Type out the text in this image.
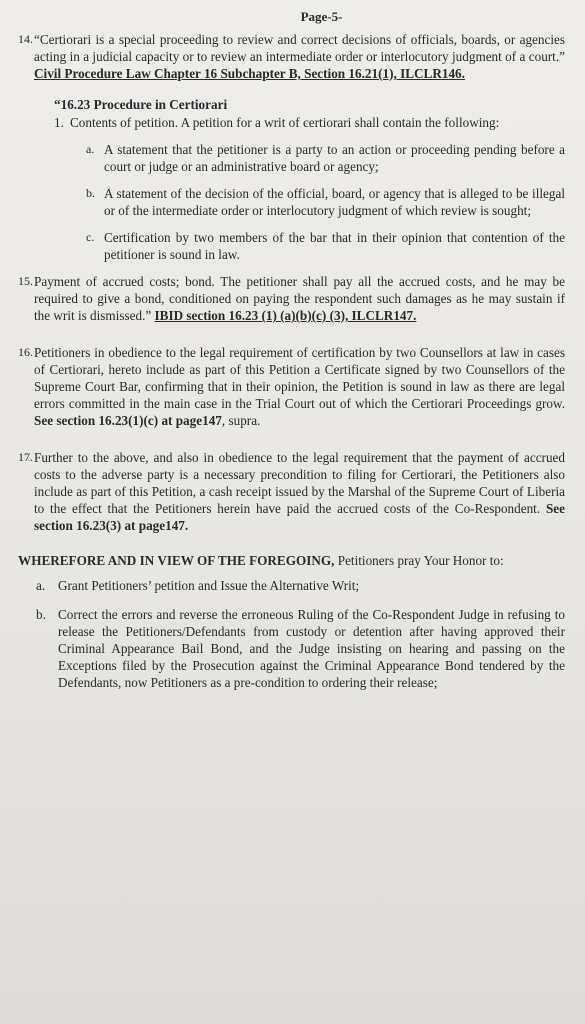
Page-5-
14. “Certiorari is a special proceeding to review and correct decisions of officials, boards, or agencies acting in a judicial capacity or to review an intermediate order or interlocutory judgment of a court.” Civil Procedure Law Chapter 16 Subchapter B, Section 16.21(1), ILCLR146.
“16.23 Procedure in Certiorari
1. Contents of petition. A petition for a writ of certiorari shall contain the following:
a. A statement that the petitioner is a party to an action or proceeding pending before a court or judge or an administrative board or agency;
b. A statement of the decision of the official, board, or agency that is alleged to be illegal or of the intermediate order or interlocutory judgment of which review is sought;
c. Certification by two members of the bar that in their opinion that contention of the petitioner is sound in law.
15. Payment of accrued costs; bond. The petitioner shall pay all the accrued costs, and he may be required to give a bond, conditioned on paying the respondent such damages as he may sustain if the writ is dismissed.” IBID section 16.23 (1) (a)(b)(c) (3), ILCLR147.
16. Petitioners in obedience to the legal requirement of certification by two Counsellors at law in cases of Certiorari, hereto include as part of this Petition a Certificate signed by two Counsellors of the Supreme Court Bar, confirming that in their opinion, the Petition is sound in law as there are legal errors committed in the main case in the Trial Court out of which the Certiorari Proceedings grow. See section 16.23(1)(c) at page147, supra.
17. Further to the above, and also in obedience to the legal requirement that the payment of accrued costs to the adverse party is a necessary precondition to filing for Certiorari, the Petitioners also include as part of this Petition, a cash receipt issued by the Marshal of the Supreme Court of Liberia to the effect that the Petitioners herein have paid the accrued costs of the Co-Respondent. See section 16.23(3) at page147.
WHEREFORE AND IN VIEW OF THE FOREGOING, Petitioners pray Your Honor to:
a. Grant Petitioners’ petition and Issue the Alternative Writ;
b. Correct the errors and reverse the erroneous Ruling of the Co-Respondent Judge in refusing to release the Petitioners/Defendants from custody or detention after having approved their Criminal Appearance Bail Bond, and the Judge insisting on hearing and passing on the Exceptions filed by the Prosecution against the Criminal Appearance Bond tendered by the Defendants, now Petitioners as a pre-condition to ordering their release;
